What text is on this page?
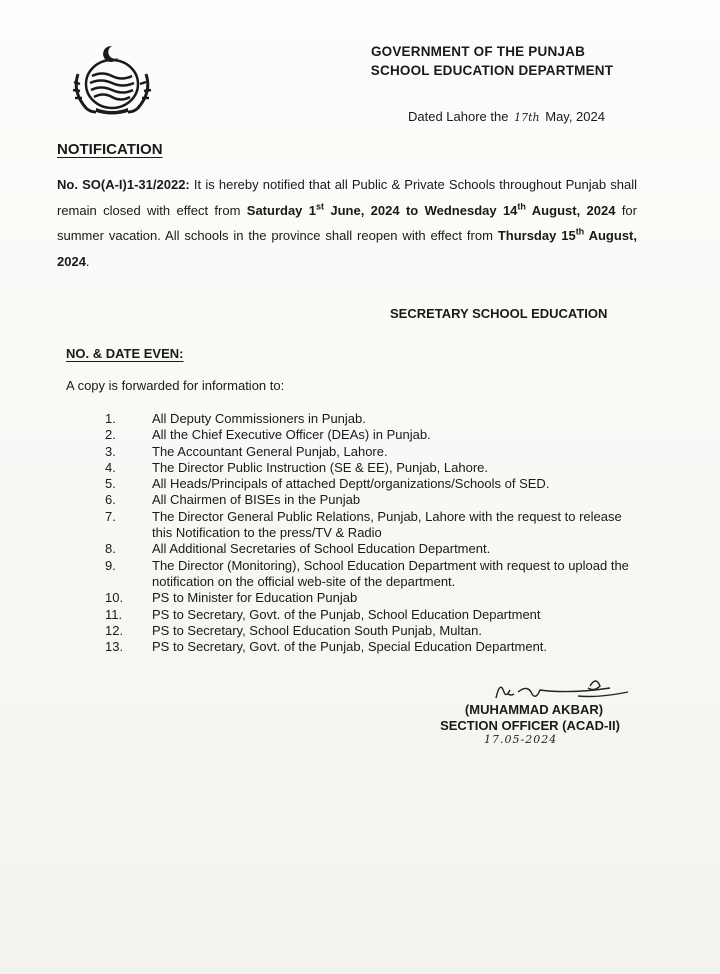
GOVERNMENT OF THE PUNJAB
SCHOOL EDUCATION DEPARTMENT
Dated Lahore the 17th May, 2024
NOTIFICATION
No. SO(A-I)1-31/2022: It is hereby notified that all Public & Private Schools throughout Punjab shall remain closed with effect from Saturday 1st June, 2024 to Wednesday 14th August, 2024 for summer vacation. All schools in the province shall reopen with effect from Thursday 15th August, 2024.
SECRETARY SCHOOL EDUCATION
NO. & DATE EVEN:
A copy is forwarded for information to:
1.	All Deputy Commissioners in Punjab.
2.	All the Chief Executive Officer (DEAs) in Punjab.
3.	The Accountant General Punjab, Lahore.
4.	The Director Public Instruction (SE & EE), Punjab, Lahore.
5.	All Heads/Principals of attached Deptt/organizations/Schools of SED.
6.	All Chairmen of BISEs in the Punjab
7.	The Director General Public Relations, Punjab, Lahore with the request to release this Notification to the press/TV & Radio
8.	All Additional Secretaries of School Education Department.
9.	The Director (Monitoring), School Education Department with request to upload the notification on the official web-site of the department.
10.	PS to Minister for Education Punjab
11.	PS to Secretary, Govt. of the Punjab, School Education Department
12.	PS to Secretary, School Education South Punjab, Multan.
13.	PS to Secretary, Govt. of the Punjab, Special Education Department.
(MUHAMMAD AKBAR)
SECTION OFFICER (ACAD-II)
17.05-2024
